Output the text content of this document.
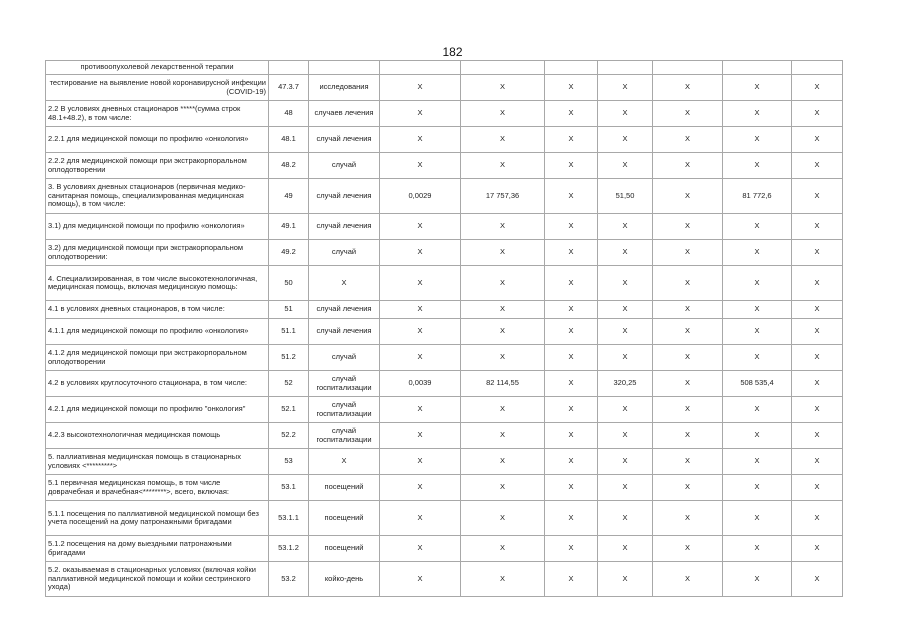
182
противоопухолевой лекарственной терапии									
тестирование на выявление новой коронавирусной инфекции (COVID-19)	47.3.7	исследования	Х	Х	Х	Х	Х	Х	Х
2.2 В условиях дневных стационаров *****(сумма строк 48.1+48.2), в том числе:	48	случаев лечения	Х	Х	Х	Х	Х	Х	Х
2.2.1 для медицинской помощи по профилю «онкология»	48.1	случай лечения	Х	Х	Х	Х	Х	Х	Х
2.2.2 для медицинской помощи при экстракорпоральном оплодотворении	48.2	случай	Х	Х	Х	Х	Х	Х	Х
3. В условиях дневных стационаров (первичная медико-санитарная помощь, специализированная медицинская помощь), в том числе:	49	случай лечения	0,0029	17 757,36	Х	51,50	Х	81 772,6	Х
3.1) для медицинской помощи по профилю «онкология»	49.1	случай лечения	Х	Х	Х	Х	Х	Х	Х
3.2) для медицинской помощи при экстракорпоральном оплодотворении:	49.2	случай	Х	Х	Х	Х	Х	Х	Х
4. Специализированная, в том числе высокотехнологичная, медицинская помощь, включая медицинскую помощь:	50	Х	Х	Х	Х	Х	Х	Х	Х
4.1 в условиях дневных стационаров, в том числе:	51	случай лечения	Х	Х	Х	Х	Х	Х	Х
4.1.1 для медицинской помощи по профилю «онкология»	51.1	случай лечения	Х	Х	Х	Х	Х	Х	Х
4.1.2 для медицинской помощи при экстракорпоральном оплодотворении	51.2	случай	Х	Х	Х	Х	Х	Х	Х
4.2 в условиях круглосуточного стационара, в том числе:	52	случай госпитализации	0,0039	82 114,55	Х	320,25	Х	508 535,4	Х
4.2.1 для медицинской помощи по профилю "онкология"	52.1	случай госпитализации	Х	Х	Х	Х	Х	Х	Х
4.2.3 высокотехнологичная медицинская помощь	52.2	случай госпитализации	Х	Х	Х	Х	Х	Х	Х
5. паллиативная медицинская помощь в стационарных условиях <*********>	53	Х	Х	Х	Х	Х	Х	Х	Х
5.1 первичная медицинская помощь, в том числе доврачебная и врачебная<********>, всего, включая:	53.1	посещений	Х	Х	Х	Х	Х	Х	Х
5.1.1 посещения по паллиативной медицинской помощи без учета посещений на дому патронажными бригадами	53.1.1	посещений	Х	Х	Х	Х	Х	Х	Х
5.1.2 посещения на дому выездными патронажными бригадами	53.1.2	посещений	Х	Х	Х	Х	Х	Х	Х
5.2. оказываемая в стационарных условиях (включая койки паллиативной медицинской помощи и койки сестринского ухода)	53.2	койко-день	Х	Х	Х	Х	Х	Х	Х
